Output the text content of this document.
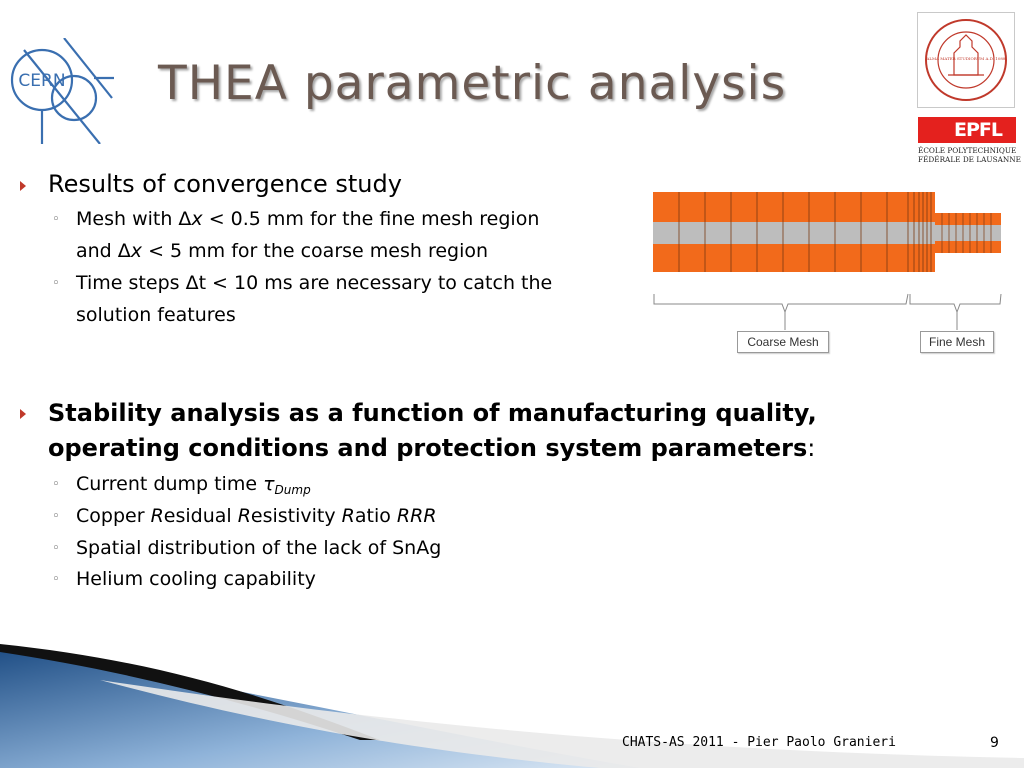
CERN THEA parametric analysis	ALMA MATER STUDIORUM A.D. 1088
EPFL
ÉCOLE POLYTECHNIQUE
FÉDÉRALE DE LAUSANNE
Results of convergence study
◦ Mesh with Δx < 0.5 mm for the fine mesh region
and Δx < 5 mm for the coarse mesh region
◦ Time steps Δt < 10 ms are necessary to catch the
solution features
Coarse Mesh	Fine Mesh
Stability analysis as a function of manufacturing quality,
operating conditions and protection system parameters:
◦ Current dump time $\tau_{Dump}$
◦ Copper Residual Resistivity Ratio RRR
◦ Spatial distribution of the lack of SnAg
◦ Helium cooling capability
CHATS-AS 2011 - Pier Paolo Granieri	9
